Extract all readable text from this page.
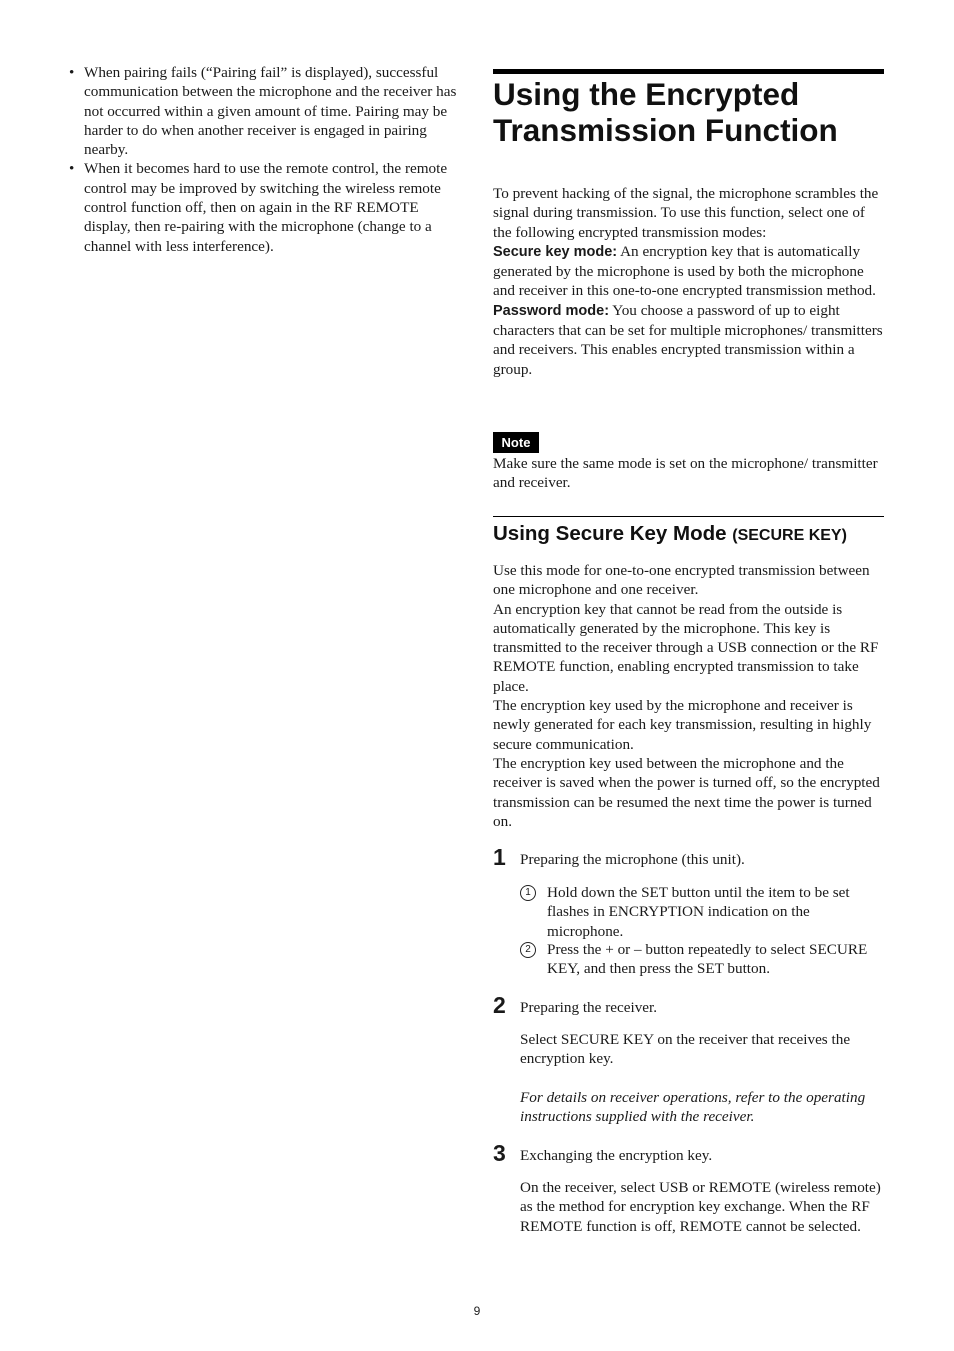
• When pairing fails (“Pairing fail” is displayed), successful communication between the microphone and the receiver has not occurred within a given amount of time. Pairing may be harder to do when another receiver is engaged in pairing nearby.
• When it becomes hard to use the remote control, the remote control may be improved by switching the wireless remote control function off, then on again in the RF REMOTE display, then re-pairing with the microphone (change to a channel with less interference).
Using the Encrypted
Transmission Function

To prevent hacking of the signal, the microphone scrambles the signal during transmission. To use this function, select one of the following encrypted transmission modes:

Secure key mode: An encryption key that is automatically generated by the microphone is used by both the microphone and receiver in this one-to-one encrypted transmission method.

Password mode: You choose a password of up to eight characters that can be set for multiple microphones/ transmitters and receivers. This enables encrypted transmission within a group.

Note

Make sure the same mode is set on the microphone/ transmitter and receiver.

Using Secure Key Mode (SECURE KEY)

Use this mode for one-to-one encrypted transmission between one microphone and one receiver.

An encryption key that cannot be read from the outside is automatically generated by the microphone. This key is transmitted to the receiver through a USB connection or the RF REMOTE function, enabling encrypted transmission to take place.

The encryption key used by the microphone and receiver is newly generated for each key transmission, resulting in highly secure communication.

The encryption key used between the microphone and the receiver is saved when the power is turned off, so the encrypted transmission can be resumed the next time the power is turned on.

1 Preparing the microphone (this unit).

1	Hold down the SET button until the item to be set flashes in ENCRYPTION indication on the microphone.
2	Press the + or – button repeatedly to select SECURE KEY, and then press the SET button.
2 Preparing the receiver.

Select SECURE KEY on the receiver that receives the encryption key.

For details on receiver operations, refer to the operating instructions supplied with the receiver.

3 Exchanging the encryption key.

On the receiver, select USB or REMOTE (wireless remote) as the method for encryption key exchange. When the RF REMOTE function is off, REMOTE cannot be selected.

9
